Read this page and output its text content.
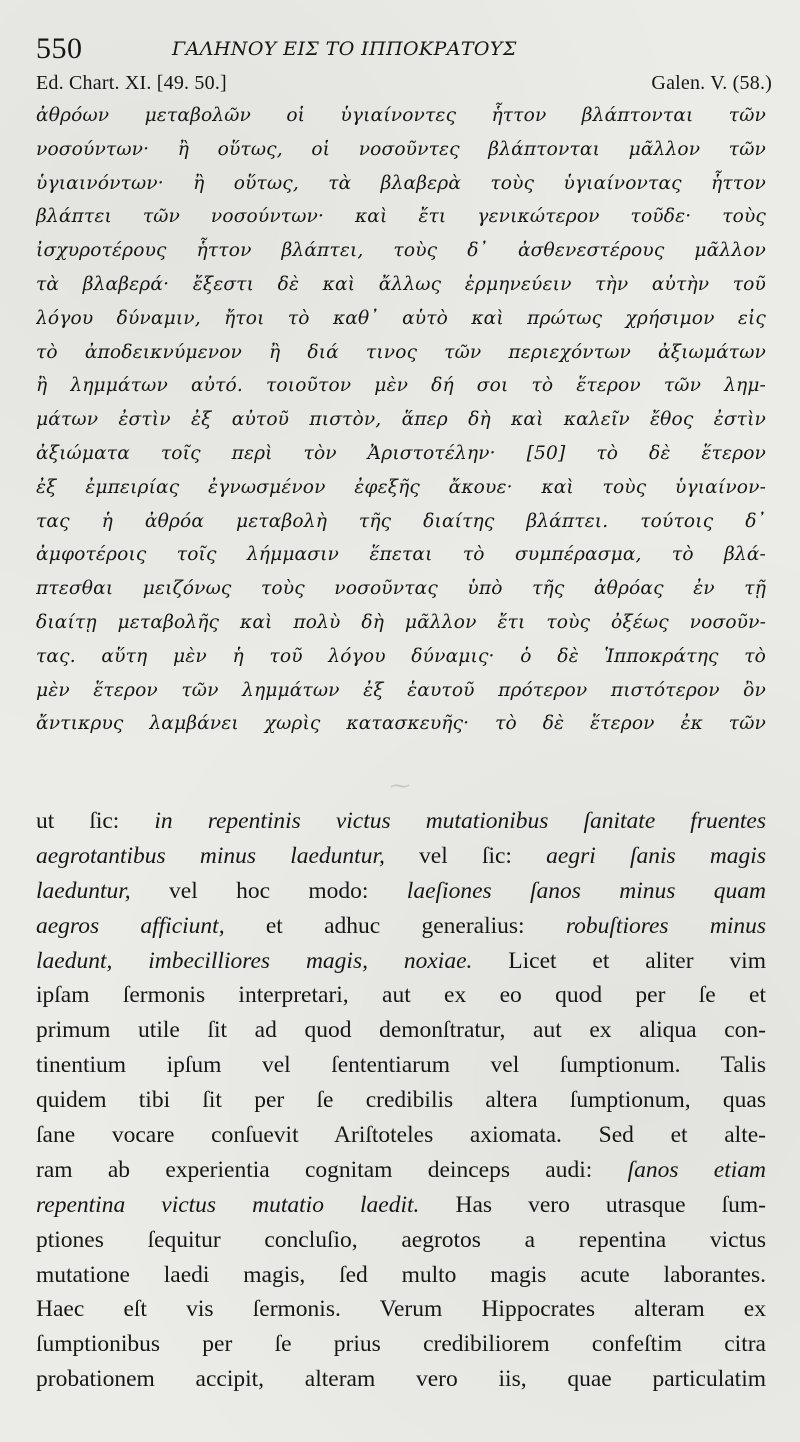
550	ΓΑΛΗΝΟΥ ΕΙΣ ΤΟ ΙΠΠΟΚΡΑΤΟΥΣ
Ed. Chart. XI. [49. 50.]	Galen. V. (58.)
ἀθρόων μεταβολῶν οἱ ὑγιαίνοντες ἧττον βλάπτονται τῶν
νοσούντων· ἢ οὕτως, οἱ νοσοῦντες βλάπτονται μᾶλλον τῶν
ὑγιαινόντων· ἢ οὕτως, τὰ βλαβερὰ τοὺς ὑγιαίνοντας ἧττον
βλάπτει τῶν νοσούντων· καὶ ἔτι γενικώτερον τοῦδε· τοὺς
ἰσχυροτέρους ἧττον βλάπτει, τοὺς δ᾽ ἀσθενεστέρους μᾶλλον
τὰ βλαβερά· ἔξεστι δὲ καὶ ἄλλως ἑρμηνεύειν τὴν αὐτὴν τοῦ
λόγου δύναμιν, ἤτοι τὸ καθ᾽ αὑτὸ καὶ πρώτως χρήσιμον εἰς
τὸ ἀποδεικνύμενον ἢ διά τινος τῶν περιεχόντων ἀξιωμάτων
ἢ λημμάτων αὐτό. τοιοῦτον μὲν δή σοι τὸ ἕτερον τῶν λημ-
μάτων ἐστὶν ἐξ αὐτοῦ πιστὸν, ἅπερ δὴ καὶ καλεῖν ἔθος ἐστὶν
ἀξιώματα τοῖς περὶ τὸν Ἀριστοτέλην· [50] τὸ δὲ ἕτερον
ἐξ ἐμπειρίας ἐγνωσμένον ἐφεξῆς ἄκουε· καὶ τοὺς ὑγιαίνον-
τας ἡ ἀθρόα μεταβολὴ τῆς διαίτης βλάπτει. τούτοις δ᾽
ἀμφοτέροις τοῖς λήμμασιν ἕπεται τὸ συμπέρασμα, τὸ βλά-
πτεσθαι μειζόνως τοὺς νοσοῦντας ὑπὸ τῆς ἀθρόας ἐν τῇ
διαίτῃ μεταβολῆς καὶ πολὺ δὴ μᾶλλον ἔτι τοὺς ὀξέως νοσοῦν-
τας. αὕτη μὲν ἡ τοῦ λόγου δύναμις· ὁ δὲ Ἱπποκράτης τὸ
μὲν ἕτερον τῶν λημμάτων ἐξ ἑαυτοῦ πρότερον πιστότερον ὂν
ἄντικρυς λαμβάνει χωρὶς κατασκευῆς· τὸ δὲ ἕτερον ἐκ τῶν
⁓
ut ſic: in repentinis victus mutationibus ſanitate fruentes
aegrotantibus minus laeduntur, vel ſic: aegri ſanis magis
laeduntur, vel hoc modo: laeſiones ſanos minus quam
aegros afficiunt, et adhuc generalius: robuſtiores minus
laedunt, imbecilliores magis, noxiae. Licet et aliter vim
ipſam ſermonis interpretari, aut ex eo quod per ſe et
primum utile ſit ad quod demonſtratur, aut ex aliqua con-
tinentium ipſum vel ſententiarum vel ſumptionum. Talis
quidem tibi ſit per ſe credibilis altera ſumptionum, quas
ſane vocare conſuevit Ariſtoteles axiomata. Sed et alte-
ram ab experientia cognitam deinceps audi: ſanos etiam
repentina victus mutatio laedit. Has vero utrasque ſum-
ptiones ſequitur concluſio, aegrotos a repentina victus
mutatione laedi magis, ſed multo magis acute laborantes.
Haec eſt vis ſermonis. Verum Hippocrates alteram ex
ſumptionibus per ſe prius credibiliorem confeſtim citra
probationem accipit, alteram vero iis, quae particulatim
